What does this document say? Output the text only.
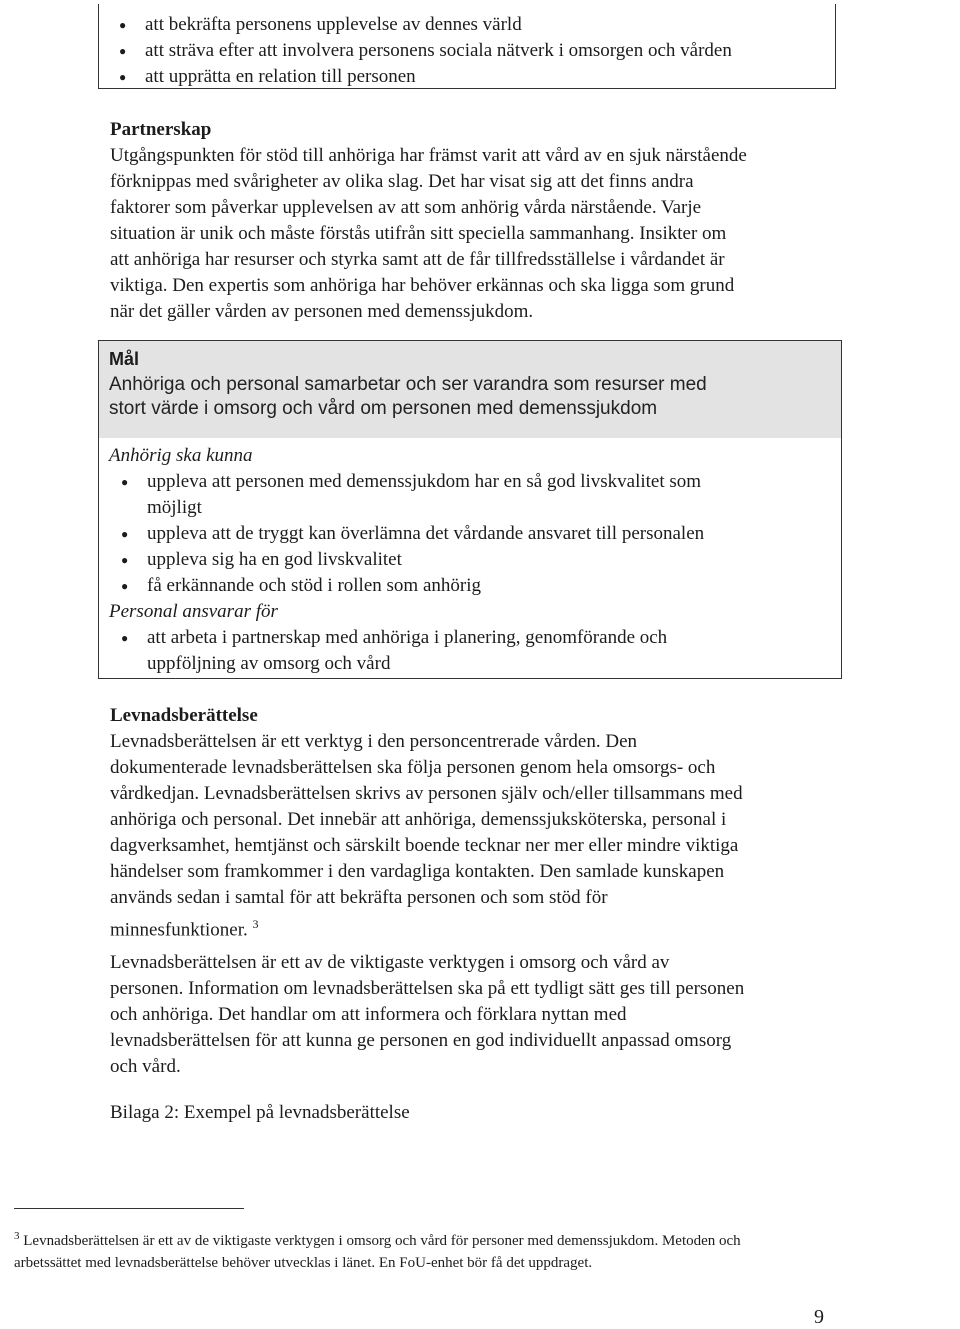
● att bekräfta personens upplevelse av dennes värld
● att sträva efter att involvera personens sociala nätverk i omsorgen och vården
● att upprätta en relation till personen
Partnerskap
Utgångspunkten för stöd till anhöriga har främst varit att vård av en sjuk närstående
förknippas med svårigheter av olika slag. Det har visat sig att det finns andra
faktorer som påverkar upplevelsen av att som anhörig vårda närstående. Varje
situation är unik och måste förstås utifrån sitt speciella sammanhang. Insikter om
att anhöriga har resurser och styrka samt att de får tillfredsställelse i vårdandet är
viktiga. Den expertis som anhöriga har behöver erkännas och ska ligga som grund
när det gäller vården av personen med demenssjukdom.
Mål
Anhöriga och personal samarbetar och ser varandra som resurser med
stort värde i omsorg och vård om personen med demenssjukdom
Anhörig ska kunna
● uppleva att personen med demenssjukdom har en så god livskvalitet som
möjligt
● uppleva att de tryggt kan överlämna det vårdande ansvaret till personalen
● uppleva sig ha en god livskvalitet
● få erkännande och stöd i rollen som anhörig
Personal ansvarar för
● att arbeta i partnerskap med anhöriga i planering, genomförande och
uppföljning av omsorg och vård
Levnadsberättelse
Levnadsberättelsen är ett verktyg i den personcentrerade vården. Den
dokumenterade levnadsberättelsen ska följa personen genom hela omsorgs- och
vårdkedjan. Levnadsberättelsen skrivs av personen själv och/eller tillsammans med
anhöriga och personal. Det innebär att anhöriga, demenssjuksköterska, personal i
dagverksamhet, hemtjänst och särskilt boende tecknar ner mer eller mindre viktiga
händelser som framkommer i den vardagliga kontakten. Den samlade kunskapen
används sedan i samtal för att bekräfta personen och som stöd för
minnesfunktioner. $^3$
Levnadsberättelsen är ett av de viktigaste verktygen i omsorg och vård av
personen. Information om levnadsberättelsen ska på ett tydligt sätt ges till personen
och anhöriga. Det handlar om att informera och förklara nyttan med
levnadsberättelsen för att kunna ge personen en god individuellt anpassad omsorg
och vård.
Bilaga 2: Exempel på levnadsberättelse
$^3$ Levnadsberättelsen är ett av de viktigaste verktygen i omsorg och vård för personer med demenssjukdom. Metoden och
arbetssättet med levnadsberättelse behöver utvecklas i länet. En FoU-enhet bör få det uppdraget.
9
